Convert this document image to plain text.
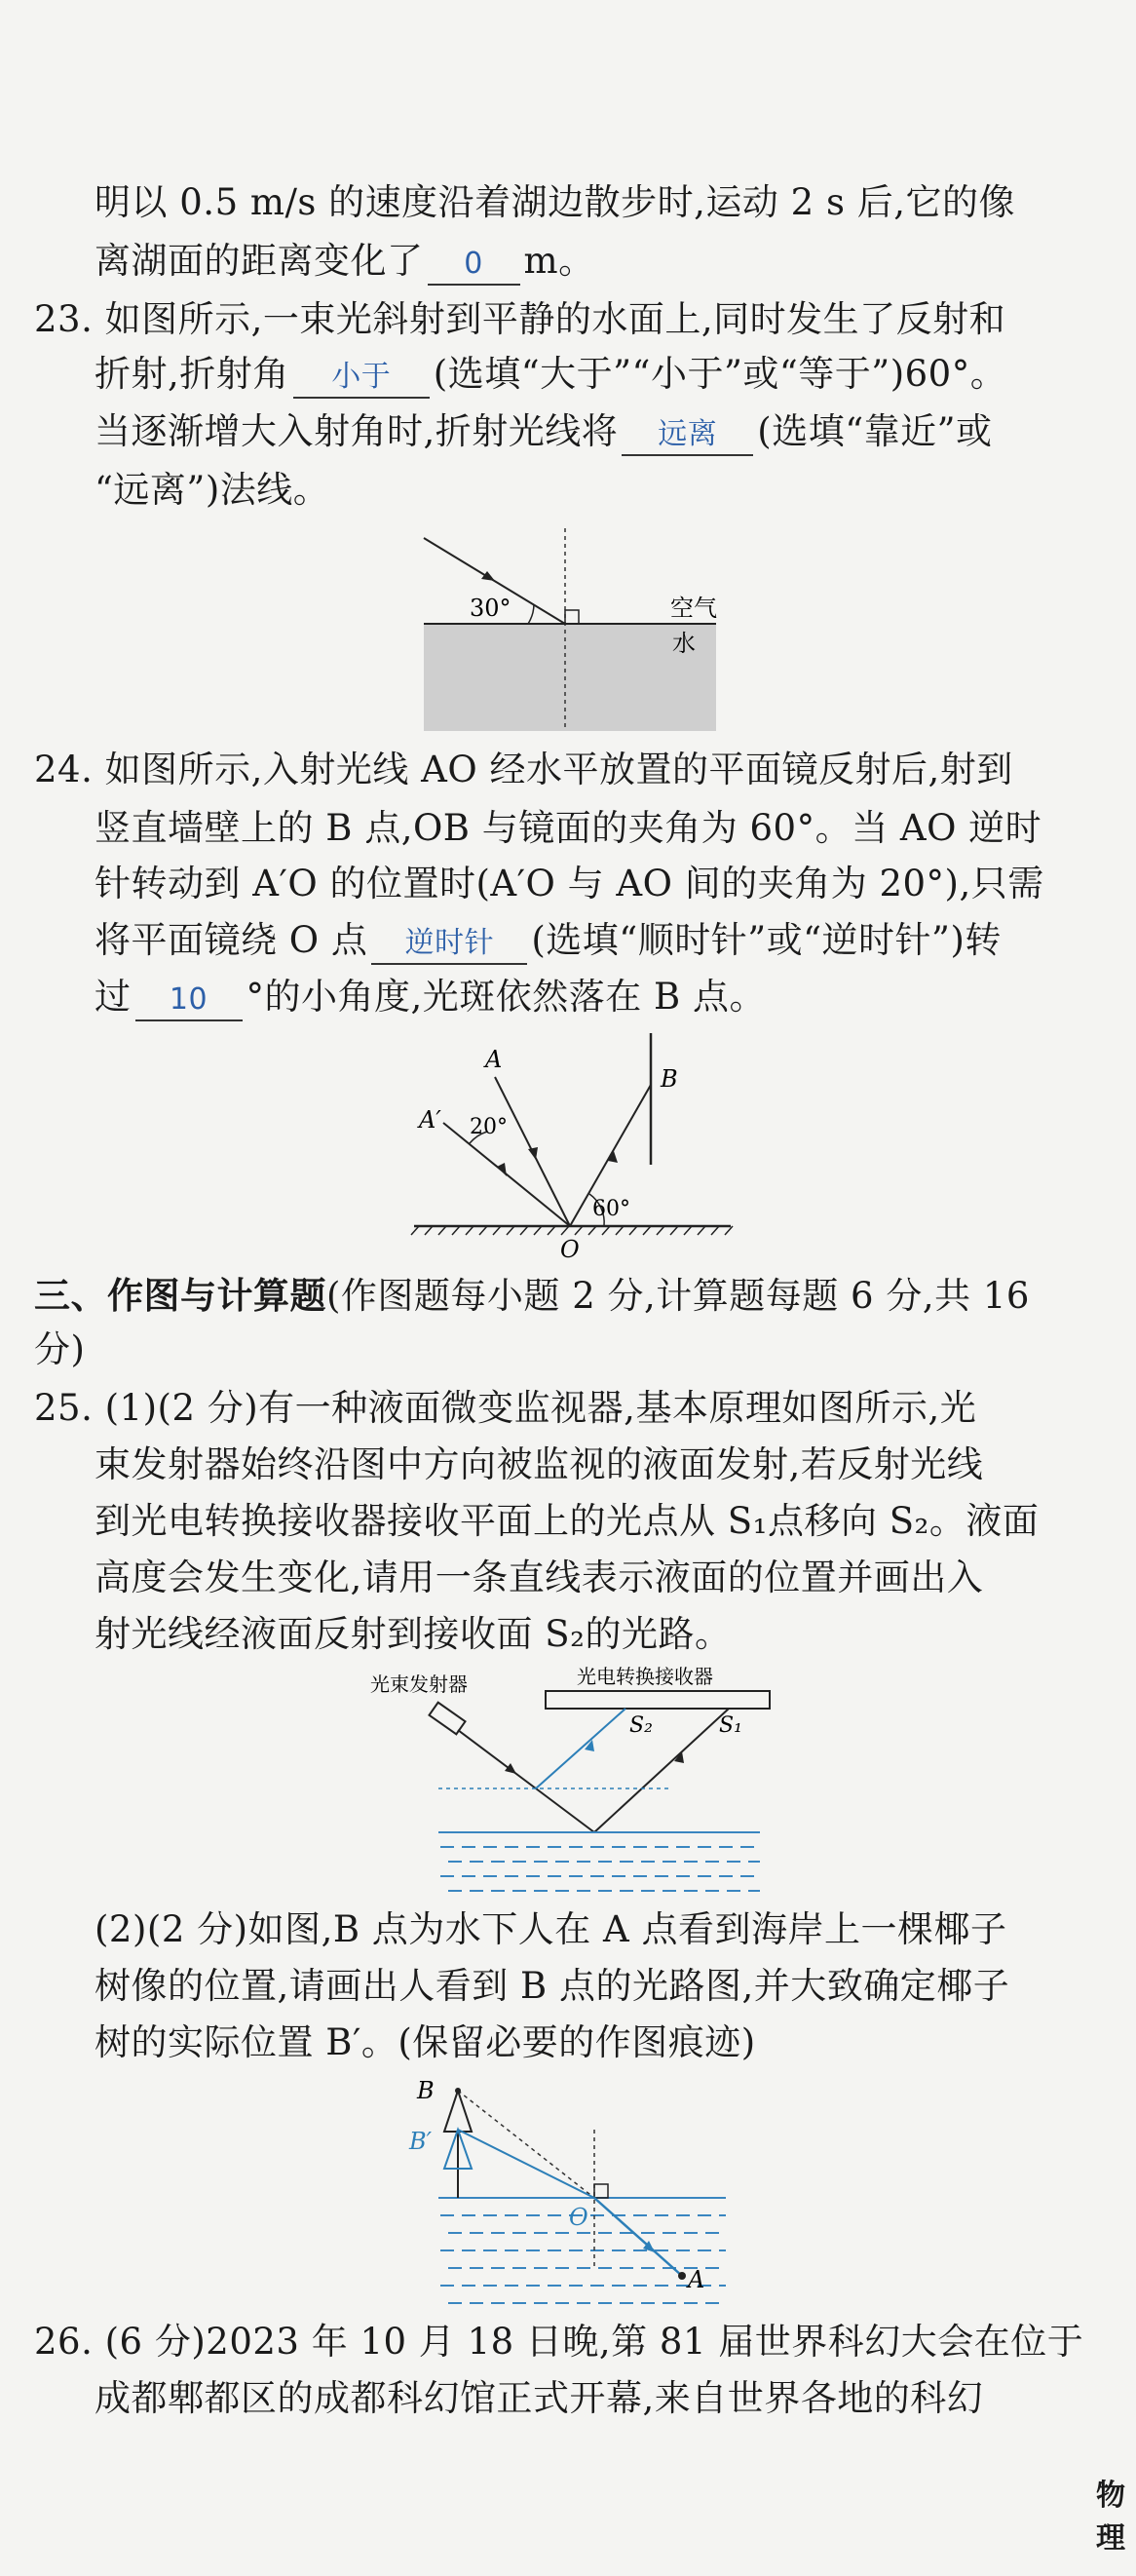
明以 0.5 m/s 的速度沿着湖边散步时,运动 2 s 后,它的像
离湖面的距离变化了 0 m。
23. 如图所示,一束光斜射到平静的水面上,同时发生了反射和
折射,折射角 小于 (选填“大于”“小于”或“等于”)60°。
当逐渐增大入射角时,折射光线将 远离 (选填“靠近”或
“远离”)法线。
30°	空气
水
24. 如图所示,入射光线 AO 经水平放置的平面镜反射后,射到
竖直墙壁上的 B 点,OB 与镜面的夹角为 60°。当 AO 逆时
针转动到 A′O 的位置时(A′O 与 AO 间的夹角为 20°),只需
将平面镜绕 O 点 逆时针 (选填“顺时针”或“逆时针”)转
过 10 °的小角度,光斑依然落在 B 点。
A
A′ 20°
B
60°
O
三、作图与计算题(作图题每小题 2 分,计算题每题 6 分,共 16
分)
25. (1)(2 分)有一种液面微变监视器,基本原理如图所示,光
束发射器始终沿图中方向被监视的液面发射,若反射光线
到光电转换接收器接收平面上的光点从 S₁点移向 S₂。液面
高度会发生变化,请用一条直线表示液面的位置并画出入
射光线经液面反射到接收面 S₂的光路。
光束发射器	光电转换接收器
S₂	S₁
(2)(2 分)如图,B 点为水下人在 A 点看到海岸上一棵椰子
树像的位置,请画出人看到 B 点的光路图,并大致确定椰子
树的实际位置 B′。(保留必要的作图痕迹)
B
B′
O
A
26. (6 分)2023 年 10 月 18 日晚,第 81 届世界科幻大会在位于
成都郫都区的成都科幻馆正式开幕,来自世界各地的科幻
物理
